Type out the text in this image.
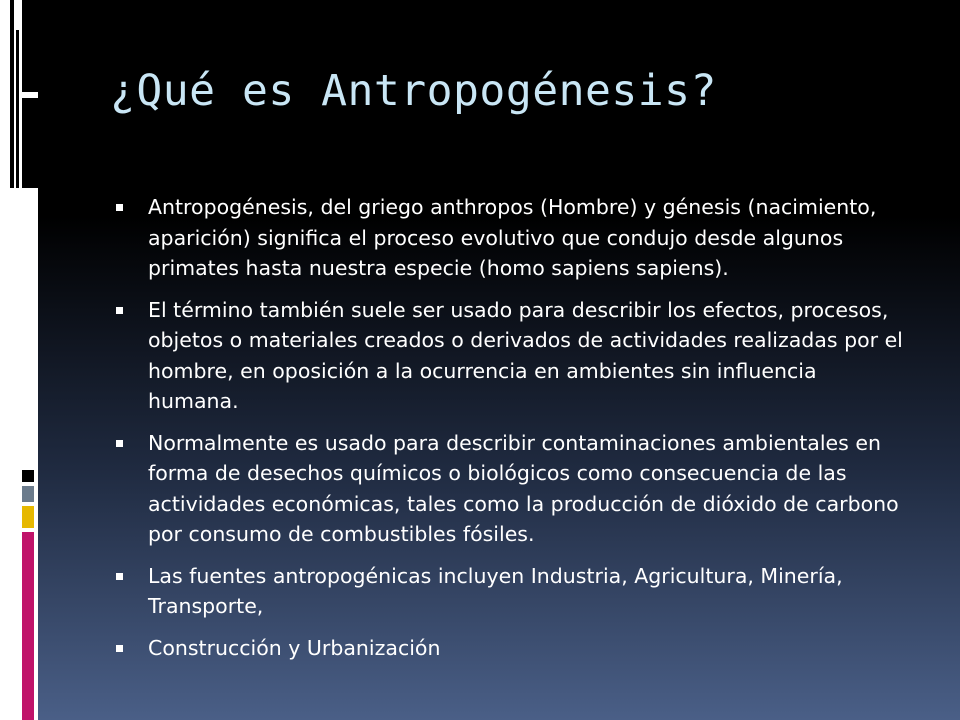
¿Qué es Antropogénesis?
Antropogénesis, del griego anthropos (Hombre) y génesis (nacimiento, aparición) significa el proceso evolutivo que condujo desde algunos primates hasta nuestra especie (homo sapiens sapiens).
El término también suele ser usado para describir los efectos, procesos, objetos o materiales creados o derivados de actividades realizadas por el hombre, en oposición a la ocurrencia en ambientes sin influencia humana.
Normalmente es usado para describir contaminaciones ambientales en forma de desechos químicos o biológicos como consecuencia de las actividades económicas, tales como la producción de dióxido de carbono por consumo de combustibles fósiles.
Las fuentes antropogénicas incluyen Industria, Agricultura, Minería, Transporte,
Construcción y Urbanización
